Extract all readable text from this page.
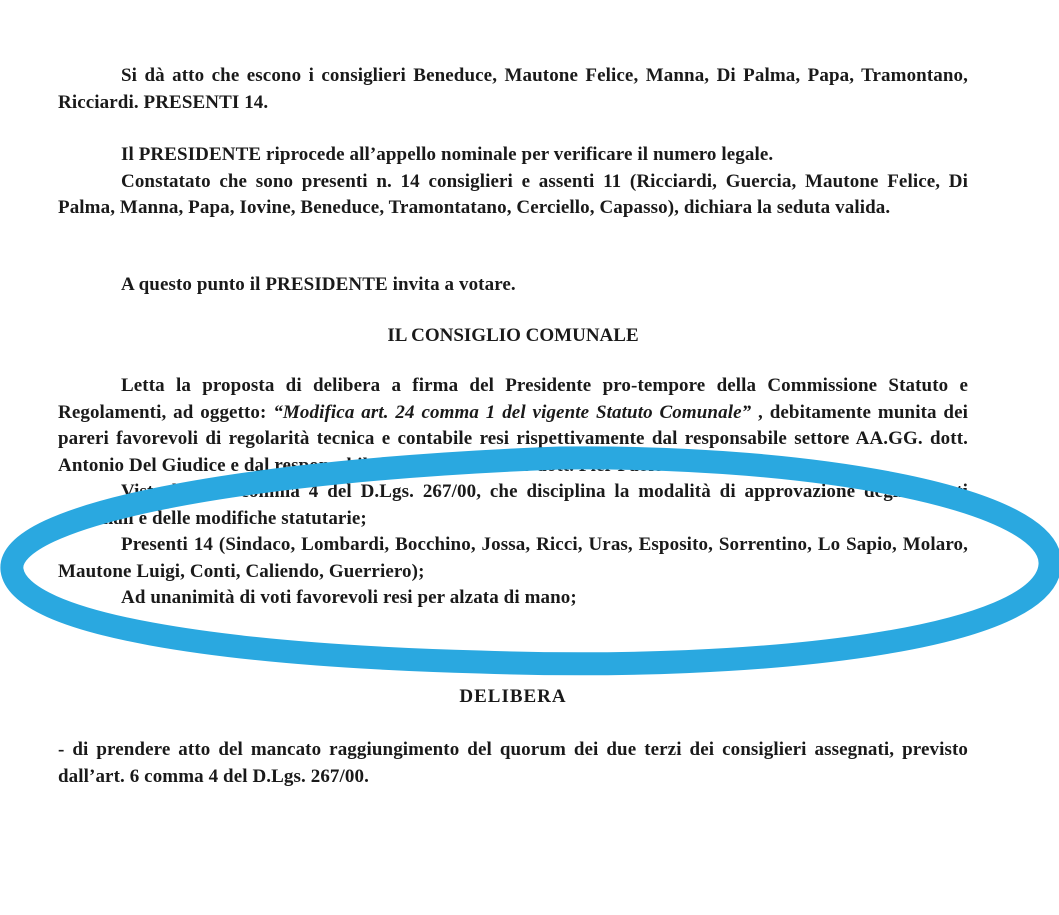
Si dà atto che escono i consiglieri Beneduce, Mautone Felice, Manna, Di Palma, Papa, Tramontano, Ricciardi. PRESENTI 14.

Il PRESIDENTE riprocede all’appello nominale per verificare il numero legale.

Constatato che sono presenti n. 14 consiglieri e assenti 11 (Ricciardi, Guercia, Mautone Felice, Di Palma, Manna, Papa, Iovine, Beneduce, Tramontatano, Cerciello, Capasso), dichiara la seduta valida.

A questo punto il PRESIDENTE invita a votare.

IL CONSIGLIO COMUNALE

Letta la proposta di delibera a firma del Presidente pro-tempore della Commissione Statuto e Regolamenti, ad oggetto: “Modifica art. 24 comma 1 del vigente Statuto Comunale” , debitamente munita dei pareri favorevoli di regolarità tecnica e contabile resi rispettivamente dal responsabile settore AA.GG. dott. Antonio Del Giudice e dal responsabile settore finanziario dott. Pier Paolo Mancaniello;

Visto l’art. 6 comma 4 del D.Lgs. 267/00, che disciplina la modalità di approvazione degli Statuti comunali e delle modifiche statutarie;

Presenti 14 (Sindaco, Lombardi, Bocchino, Jossa, Ricci, Uras, Esposito, Sorrentino, Lo Sapio, Molaro, Mautone Luigi, Conti, Caliendo, Guerriero);

Ad unanimità di voti favorevoli resi per alzata di mano;

DELIBERA

- di prendere atto del mancato raggiungimento del quorum dei due terzi dei consiglieri assegnati, previsto dall’art. 6 comma 4 del D.Lgs. 267/00.
